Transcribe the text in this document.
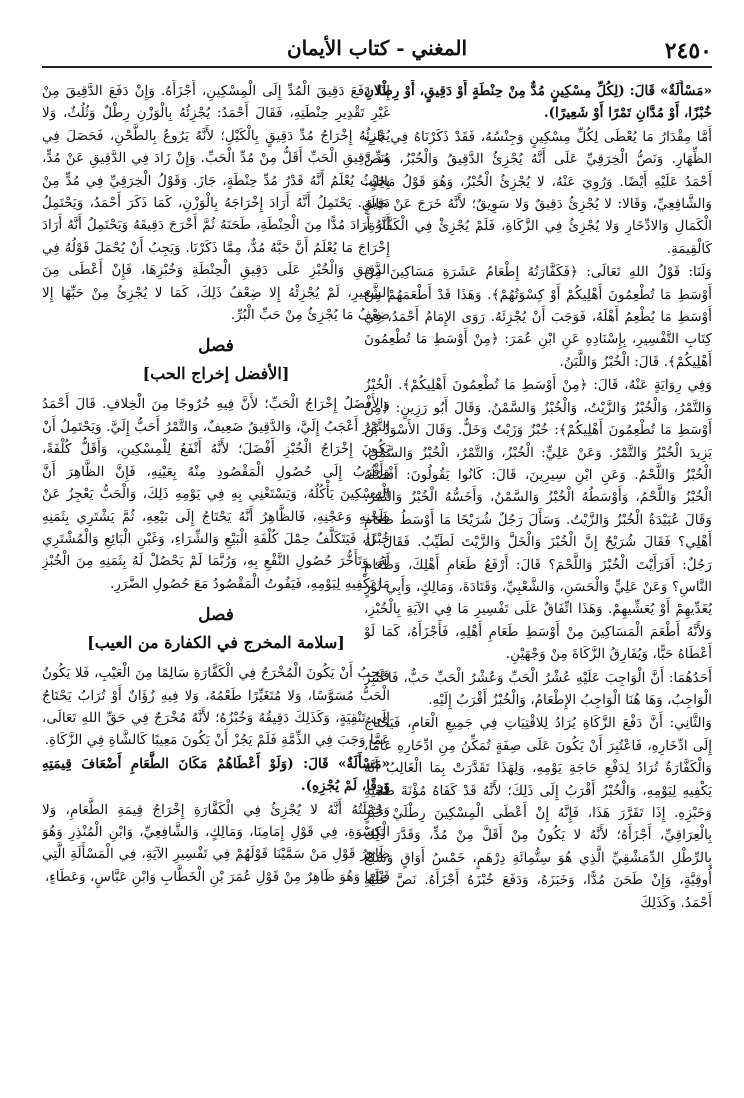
٢٤٥٠
المغني - كتاب الأيمان

«مَسْأَلَةٌ» قَالَ: (لِكُلِّ مِسْكِينٍ مُدٌّ مِنْ حِنْطَةٍ أَوْ دَقِيقٍ، أَوْ رِطْلانِ خُبْزًا، أَوْ مُدَّانِ تَمْرًا أَوْ شَعِيرًا).

أَمَّا مِقْدَارُ مَا يُعْطَى لِكُلِّ مِسْكِينٍ وَجِنْسُهُ، فَقَدْ ذَكَرْنَاهُ فِي بَابِ الظِّهَارِ. وَنَصُّ الْخِرَقِيِّ عَلَى أَنَّهُ يُجْزِئُ الدَّقِيقُ وَالْخُبْزُ، وَنَصَّ أَحْمَدُ عَلَيْهِ أَيْضًا. وَرُوِيَ عَنْهُ، لا يُجْزِئُ الْخُبْزُ، وَهُوَ قَوْلُ مَالِكٍ، وَالشَّافِعِيِّ، وَقَالا: لا يُجْزِئُ دَقِيقٌ وَلا سَوِيقٌ؛ لأَنَّهُ خَرَجَ عَنْ حَالَةِ الْكَمَالِ وَالادِّخَارِ وَلا يُجْزِئُ فِي الزَّكَاةِ، فَلَمْ يُجْزِئْ فِي الْكَفَّارَةِ، كَالْقِيمَةِ.

وَلَنَا: قَوْلُ اللهِ تَعَالَى: ﴿فَكَفَّارَتُهُ إِطْعَامُ عَشَرَةِ مَسَاكِينَ مِنْ أَوْسَطِ مَا تُطْعِمُونَ أَهْلِيكُمْ أَوْ كِسْوَتُهُمْ﴾. وَهَذَا قَدْ أَطْعَمَهُمْ مِنْ أَوْسَطِ مَا يُطْعِمُ أَهْلَهُ، فَوَجَبَ أَنْ يُجْزِئَهُ. رَوَى الإِمَامُ أَحْمَدُ، فِي كِتَابِ التَّفْسِيرِ، بِإِسْنَادِهِ عَنِ ابْنِ عُمَرَ: ﴿مِنْ أَوْسَطِ مَا تُطْعِمُونَ أَهْلِيكُمْ﴾. قَالَ: الْخُبْزُ وَاللَّبَنُ.

وَفِي رِوَايَةٍ عَنْهُ، قَالَ: ﴿مِنْ أَوْسَطِ مَا تُطْعِمُونَ أَهْلِيكُمْ﴾. الْخُبْزُ وَالتَّمْرُ، وَالْخُبْزُ وَالزَّيْتُ، وَالْخُبْزُ وَالسَّمْنُ. وَقَالَ أَبُو رَزِينٍ: ﴿مِنْ أَوْسَطِ مَا تُطْعِمُونَ أَهْلِيكُمْ﴾: خُبْزٌ وَزَيْتٌ وَخَلٌّ. وَقَالَ الأَسْوَدُ بْنُ يَزِيدَ الْخُبْزُ وَالتَّمْرُ. وَعَنْ عَلِيٍّ: الْخُبْزُ، وَالتَّمْرُ، الْخُبْزُ وَالسَّمْنُ، الْخُبْزُ وَاللَّحْمُ. وَعَنِ ابْنِ سِيرِينَ، قَالَ: كَانُوا يَقُولُونَ: أَفْضَلُهُ الْخُبْزُ وَاللَّحْمُ، وَأَوْسَطُهُ الْخُبْزُ وَالسَّمْنُ، وَأَخَسُّهُ الْخُبْزُ وَالتَّمْرُ. وَقَالَ عُبَيْدَةُ الْخُبْزُ وَالزَّيْتُ. وَسَأَلَ رَجُلٌ شُرَيْحًا مَا أَوْسَطُ طَعَامِ أَهْلِي؟ فَقَالَ شُرَيْحٌ إِنَّ الْخُبْزَ وَالْخَلَّ وَالزَّيْتَ لَطَيِّبٌ. فَقَالَ لَهُ رَجُلٌ: أَفَرَأَيْتَ الْخُبْزَ وَاللَّحْمَ؟ قَالَ: أَرْفَعُ طَعَامِ أَهْلِكَ، وَطَعَامِ النَّاسِ؟ وَعَنْ عَلِيٍّ وَالْحَسَنِ، وَالشَّعْبِيِّ، وَقَتَادَةَ، وَمَالِكٍ، وَأَبِي ثَوْرٍ يُغَدِّيهِمْ أَوْ يُعَشِّيهِمْ. وَهَذَا اتِّفَاقٌ عَلَى تَفْسِيرِ مَا فِي الآيَةِ بِالْخُبْزِ، وَلأَنَّهُ أَطْعَمَ الْمَسَاكِينَ مِنْ أَوْسَطِ طَعَامِ أَهْلِهِ، فَأَجْزَأَهُ، كَمَا لَوْ أَعْطَاهُ حَبًّا، وَيُفَارِقُ الزَّكَاةَ مِنْ وَجْهَيْنِ.

أَحَدُهُمَا: أَنَّ الْوَاجِبَ عَلَيْهِ عُشْرُ الْحَبِّ وَعُشْرُ الْحَبِّ حَبٌّ، فَاعْتُبِرَ الْوَاجِبُ، وَهَا هُنَا الْوَاجِبُ الإِطْعَامُ، وَالْخُبْزُ أَقْرَبُ إِلَيْهِ.

وَالثَّانِي: أَنَّ دَفْعَ الزَّكَاةِ يُرَادُ لِلاقْتِيَاتِ فِي جَمِيعِ الْعَامِ، فَيَحْتَاجُ إِلَى ادِّخَارِهِ، فَاعْتُبِرَ أَنْ يَكُونَ عَلَى صِفَةٍ تُمَكِّنُ مِنِ ادِّخَارِهِ عَامًا، وَالْكَفَّارَةُ تُرَادُ لِدَفْعِ حَاجَةِ يَوْمِهِ، وَلِهَذَا تَقَدَّرَتْ بِمَا الْغَالِبُ أَنَّهُ يَكْفِيهِ لِيَوْمِهِ، وَالْخُبْزُ أَقْرَبُ إِلَى ذَلِكَ؛ لأَنَّهُ قَدْ كَفَاهُ مُؤْنَةَ طَحْنِهِ وَخَبْزِهِ. إِذَا تَقَرَّرَ هَذَا، فَإِنَّهُ إِنْ أَعْطَى الْمِسْكِينَ رِطْلَيْ خُبْزٍ بِالْعِرَاقِيِّ، أَجْزَأَهُ؛ لأَنَّهُ لا يَكُونُ مِنْ أَقَلَّ مِنْ مُدٍّ، وَقَدَّرَ ذَلِكَ بِالرِّطْلِ الدِّمَشْقِيِّ الَّذِي هُوَ سِتُّمِائَةِ دِرْهَمٍ، خَمْسُ أَوَاقٍ وَسُبُعُ أُوقِيَّةٍ، وَإِنْ طَحَنَ مُدًّا، وَخَبَزَهُ، وَدَفَعَ خُبْزَهُ أَجْزَأَهُ. نَصَّ عَلَيْهِ أَحْمَدُ. وَكَذَلِكَ

إِذَا دَفَعَ دَقِيقَ الْمُدِّ إِلَى الْمِسْكِينِ، أَجْزَأَهُ. وَإِنْ دَفَعَ الدَّقِيقَ مِنْ غَيْرِ تَقْدِيرِ حِنْطَتِهِ، فَقَالَ أَحْمَدُ: يُجْزِئُهُ بِالْوَزْنِ رِطْلٌ وَثُلُثٌ، وَلا يُجْزِئُهُ إِخْرَاجُ مُدِّ دَقِيقٍ بِالْكَيْلِ؛ لأَنَّهُ يَرُوعُ بِالطَّحْنِ، فَحَصَلَ فِي مُدِّ دَقِيقِ الْحَبِّ أَقَلُّ مِنْ مُدِّ الْحَبِّ. وَإِنْ زَادَ فِي الدَّقِيقِ عَنْ مُدٍّ، بِحَيْثُ يُعْلَمُ أَنَّهُ قَدْرُ مُدِّ حِنْطَةٍ، جَازَ. وَقَوْلُ الْخِرَقِيِّ فِي مُدٍّ مِنْ دَقِيقٍ. يَحْتَمِلُ أَنَّهُ أَرَادَ إِخْرَاجَهُ بِالْوَزْنِ، كَمَا ذَكَرَ أَحْمَدُ، وَيَحْتَمِلُ أَنَّهُ أَرَادَ مُدًّا مِنَ الْحِنْطَةِ، طَحَنَهُ ثُمَّ أَخْرَجَ دَقِيقَهُ وَيَحْتَمِلُ أَنَّهُ أَرَادَ إِخْرَاجَ مَا يُعْلَمُ أَنَّ حَبَّهُ مُدٌّ، مِمَّا ذَكَرْنَا. وَيَجِبُ أَنْ يُحْمَلَ قَوْلُهُ فِي الدَّقِيقِ وَالْخُبْزِ عَلَى دَقِيقِ الْحِنْطَةِ وَخُبْزِهَا، فَإِنْ أَعْطَى مِنَ الشَّعِيرِ، لَمْ يُجْزِئْهُ إِلا ضِعْفُ ذَلِكَ، كَمَا لا يُجْزِئُ مِنْ حَبِّهَا إِلا ضِعْفُ مَا يُجْزِئُ مِنْ حَبِّ الْبُرِّ.

فصل
[الأفضل إخراج الحب]

وَالأَفْضَلُ إِخْرَاجُ الْحَبِّ؛ لأَنَّ فِيهِ خُرُوجًا مِنَ الْخِلافِ. قَالَ أَحْمَدُ التَّمْرُ أَعْجَبُ إِلَيَّ، وَالدَّقِيقُ ضَعِيفٌ، وَالتَّمْرُ أَحَبُّ إِلَيَّ. وَيَحْتَمِلُ أَنْ يَكُونَ إِخْرَاجُ الْخُبْزِ أَفْضَلَ؛ لأَنَّهُ أَنْفَعُ لِلْمِسْكِينِ، وَأَقَلُّ كُلْفَةً، وَأَقْرَبُ إِلَى حُصُولِ الْمَقْصُودِ مِنْهُ بِعَيْنِهِ، فَإِنَّ الظَّاهِرَ أَنَّ الْمِسْكِينَ يَأْكُلُهُ، وَيَسْتَغْنِي بِهِ فِي يَوْمِهِ ذَلِكَ، وَالْحَبُّ يَعْجِزُ عَنْ طَحْنِهِ وَعَجْنِهِ، فَالظَّاهِرُ أَنَّهُ يَحْتَاجُ إِلَى بَيْعِهِ، ثُمَّ يَشْتَرِي بِثَمَنِهِ خُبْزًا، فَيَتَكَلَّفُ حِمْلَ كُلْفَةِ الْبَيْعِ وَالشِّرَاءِ، وَغَبْنِ الْبَائِعِ وَالْمُشْتَرِي لَهُ، وَتَأَخُّرَ حُصُولِ النَّفْعِ بِهِ، وَرُبَّمَا لَمْ يَحْصُلْ لَهُ بِثَمَنِهِ مِنَ الْخُبْزِ مَا يَكْفِيهِ لِيَوْمِهِ، فَيَفُوتُ الْمَقْصُودُ مَعَ حُصُولِ الضَّرَرِ.

فصل
[سلامة المخرج في الكفارة من العيب]

وَيَجِبُ أَنْ يَكُونَ الْمُخْرَجُ فِي الْكَفَّارَةِ سَالِمًا مِنَ الْعَيْبِ، فَلا يَكُونُ الْحَبُّ مُسَوَّسًا، وَلا مُتَغَيِّرًا طَعْمُهُ، وَلا فِيهِ زُؤَانٌ أَوْ تُرَابٌ يَحْتَاجُ إِلَى تَنْقِيَةٍ، وَكَذَلِكَ دَقِيقُهُ وَخُبْزُهُ؛ لأَنَّهُ مُخْرَجٌ فِي حَقِّ اللهِ تَعَالَى، عَمَّا وَجَبَ فِي الذِّمَّةِ فَلَمْ يَجُزْ أَنْ يَكُونَ مَعِيبًا كَالشَّاةِ فِي الزَّكَاةِ.

«مَسْأَلَةٌ» قَالَ: (وَلَوْ أَعْطَاهُمْ مَكَانَ الطَّعَامِ أَضْعَافَ قِيمَتِهِ وَرِقًا، لَمْ يُجْزِهِ).

وَجُمْلَتُهُ أَنَّهُ لا يُجْزِئُ فِي الْكَفَّارَةِ إِخْرَاجُ قِيمَةِ الطَّعَامِ، وَلا الْكِسْوَةِ، فِي قَوْلِ إِمَامِنَا، وَمَالِكٍ، وَالشَّافِعِيِّ، وَابْنِ الْمُنْذِرِ وَهُوَ ظَاهِرُ قَوْلِ مَنْ سَمَّيْنَا قَوْلَهُمْ فِي تَفْسِيرِ الآيَةِ، فِي الْمَسْأَلَةِ الَّتِي قَبْلَهَا وَهُوَ ظَاهِرٌ مِنْ قَوْلِ عُمَرَ بْنِ الْخَطَّابِ وَابْنِ عَبَّاسٍ، وَعَطَاءٍ،
